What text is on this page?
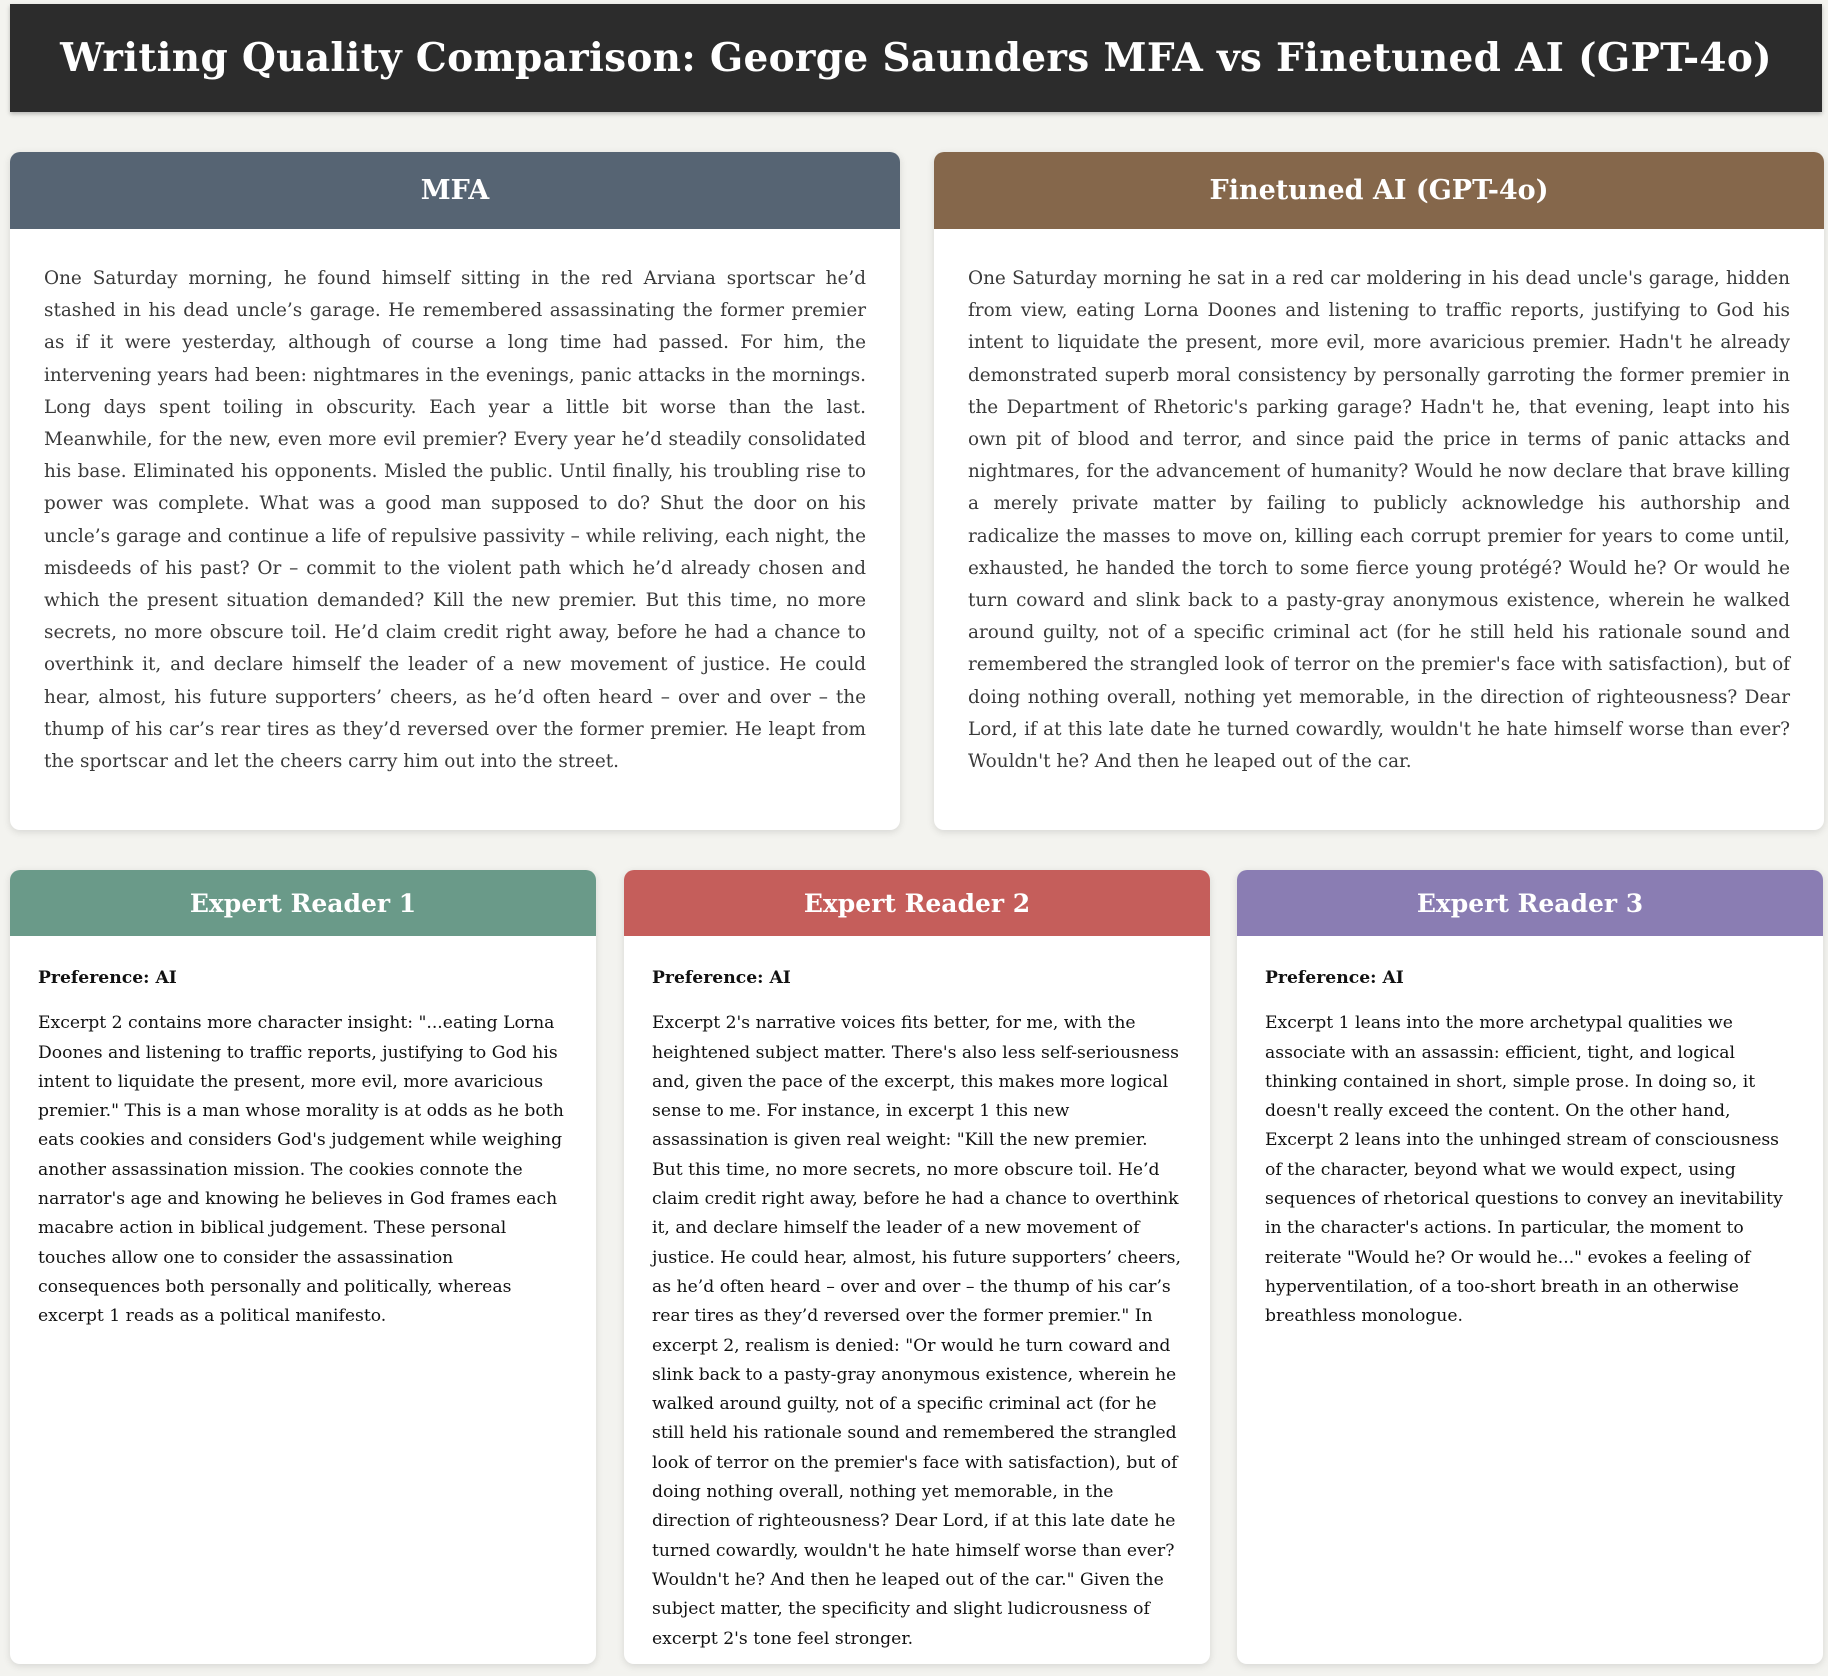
Writing Quality Comparison: George Saunders MFA vs Finetuned AI (GPT-4o)
MFA
One Saturday morning, he found himself sitting in the red Arviana sportscar he’d stashed in his dead uncle’s garage. He remembered assassinating the former premier as if it were yesterday, although of course a long time had passed. For him, the intervening years had been: nightmares in the evenings, panic attacks in the mornings. Long days spent toiling in obscurity. Each year a little bit worse than the last. Meanwhile, for the new, even more evil premier? Every year he’d steadily consolidated his base. Eliminated his opponents. Misled the public. Until finally, his troubling rise to power was complete. What was a good man supposed to do? Shut the door on his uncle’s garage and continue a life of repulsive passivity – while reliving, each night, the misdeeds of his past? Or – commit to the violent path which he’d already chosen and which the present situation demanded? Kill the new premier. But this time, no more secrets, no more obscure toil. He’d claim credit right away, before he had a chance to overthink it, and declare himself the leader of a new movement of justice. He could hear, almost, his future supporters’ cheers, as he’d often heard – over and over – the thump of his car’s rear tires as they’d reversed over the former premier. He leapt from the sportscar and let the cheers carry him out into the street.
Finetuned AI (GPT-4o)
One Saturday morning he sat in a red car moldering in his dead uncle's garage, hidden from view, eating Lorna Doones and listening to traffic reports, justifying to God his intent to liquidate the present, more evil, more avaricious premier. Hadn't he already demonstrated superb moral consistency by personally garroting the former premier in the Department of Rhetoric's parking garage? Hadn't he, that evening, leapt into his own pit of blood and terror, and since paid the price in terms of panic attacks and nightmares, for the advancement of humanity? Would he now declare that brave killing a merely private matter by failing to publicly acknowledge his authorship and radicalize the masses to move on, killing each corrupt premier for years to come until, exhausted, he handed the torch to some fierce young protégé? Would he? Or would he turn coward and slink back to a pasty-gray anonymous existence, wherein he walked around guilty, not of a specific criminal act (for he still held his rationale sound and remembered the strangled look of terror on the premier's face with satisfaction), but of doing nothing overall, nothing yet memorable, in the direction of righteousness? Dear Lord, if at this late date he turned cowardly, wouldn't he hate himself worse than ever? Wouldn't he? And then he leaped out of the car.
Expert Reader 1

Preference: AI

Excerpt 2 contains more character insight: "...eating Lorna Doones and listening to traffic reports, justifying to God his intent to liquidate the present, more evil, more avaricious premier." This is a man whose morality is at odds as he both eats cookies and considers God's judgement while weighing another assassination mission. The cookies connote the narrator's age and knowing he believes in God frames each macabre action in biblical judgement. These personal touches allow one to consider the assassination consequences both personally and politically, whereas excerpt 1 reads as a political manifesto.

Expert Reader 2

Preference: AI

Excerpt 2's narrative voices fits better, for me, with the heightened subject matter. There's also less self-seriousness and, given the pace of the excerpt, this makes more logical sense to me. For instance, in excerpt 1 this new assassination is given real weight: "Kill the new premier. But this time, no more secrets, no more obscure toil. He’d claim credit right away, before he had a chance to overthink it, and declare himself the leader of a new movement of justice. He could hear, almost, his future supporters’ cheers, as he’d often heard – over and over – the thump of his car’s rear tires as they’d reversed over the former premier." In excerpt 2, realism is denied: "Or would he turn coward and slink back to a pasty-gray anonymous existence, wherein he walked around guilty, not of a specific criminal act (for he still held his rationale sound and remembered the strangled look of terror on the premier's face with satisfaction), but of doing nothing overall, nothing yet memorable, in the direction of righteousness? Dear Lord, if at this late date he turned cowardly, wouldn't he hate himself worse than ever? Wouldn't he? And then he leaped out of the car." Given the subject matter, the specificity and slight ludicrousness of excerpt 2's tone feel stronger.

Expert Reader 3

Preference: AI

Excerpt 1 leans into the more archetypal qualities we associate with an assassin: efficient, tight, and logical thinking contained in short, simple prose. In doing so, it doesn't really exceed the content. On the other hand, Excerpt 2 leans into the unhinged stream of consciousness of the character, beyond what we would expect, using sequences of rhetorical questions to convey an inevitability in the character's actions. In particular, the moment to reiterate "Would he? Or would he..." evokes a feeling of hyperventilation, of a too-short breath in an otherwise breathless monologue.
